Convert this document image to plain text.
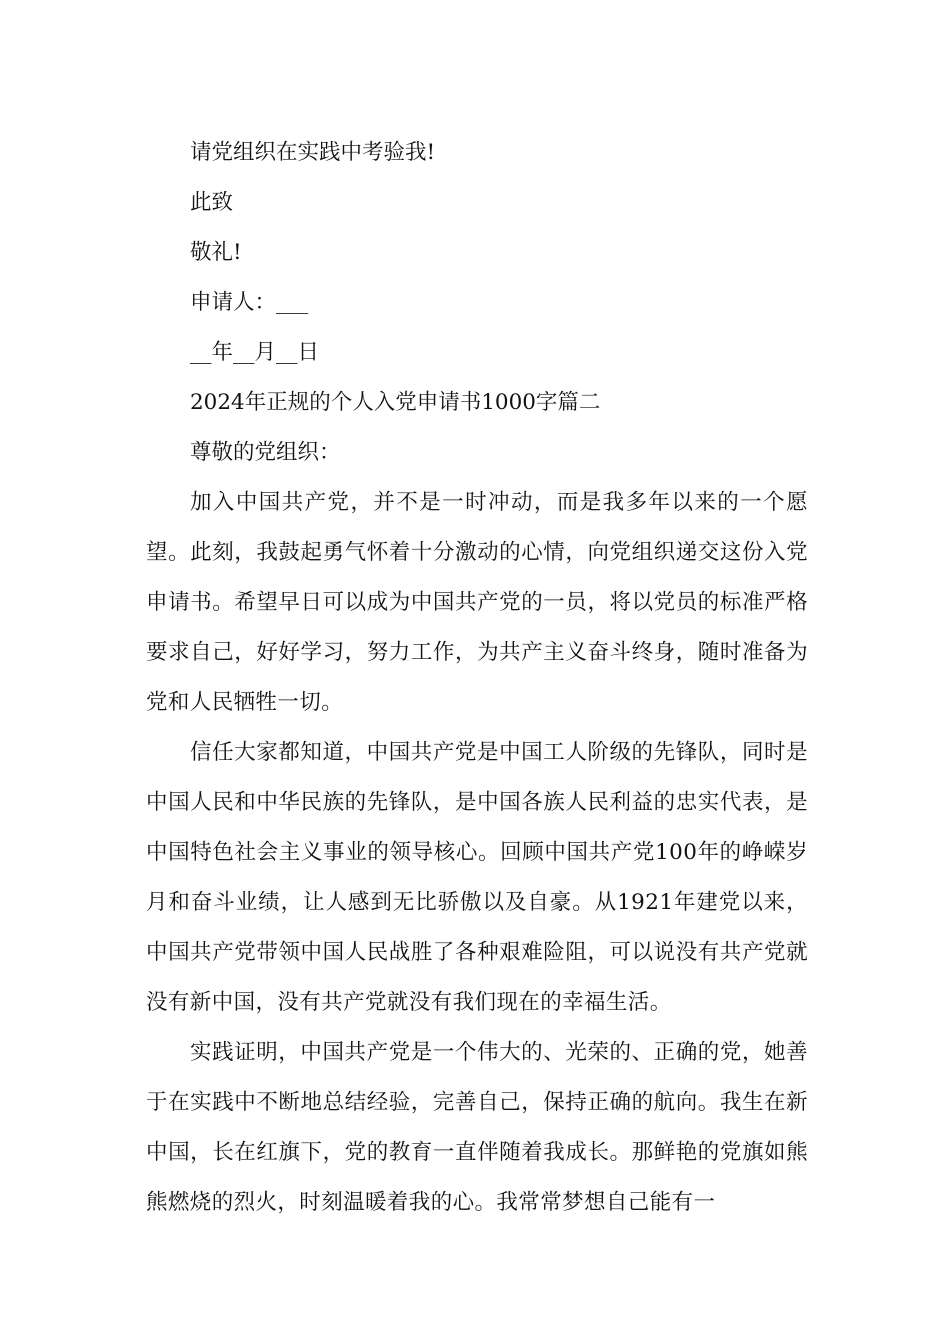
请党组织在实践中考验我!
此致
敬礼!
申请人：___
__年__月__日
2024年正规的个人入党申请书1000字篇二
尊敬的党组织：

加入中国共产党，并不是一时冲动，而是我多年以来的一个愿望。此刻，我鼓起勇气怀着十分激动的心情，向党组织递交这份入党申请书。希望早日可以成为中国共产党的一员，将以党员的标准严格要求自己，好好学习，努力工作，为共产主义奋斗终身，随时准备为党和人民牺牲一切。

信任大家都知道，中国共产党是中国工人阶级的先锋队，同时是中国人民和中华民族的先锋队，是中国各族人民利益的忠实代表，是中国特色社会主义事业的领导核心。回顾中国共产党100年的峥嵘岁月和奋斗业绩，让人感到无比骄傲以及自豪。从1921年建党以来，中国共产党带领中国人民战胜了各种艰难险阻，可以说没有共产党就没有新中国，没有共产党就没有我们现在的幸福生活。

实践证明，中国共产党是一个伟大的、光荣的、正确的党，她善于在实践中不断地总结经验，完善自己，保持正确的航向。我生在新中国，长在红旗下，党的教育一直伴随着我成长。那鲜艳的党旗如熊熊燃烧的烈火，时刻温暖着我的心。我常常梦想自己能有一
